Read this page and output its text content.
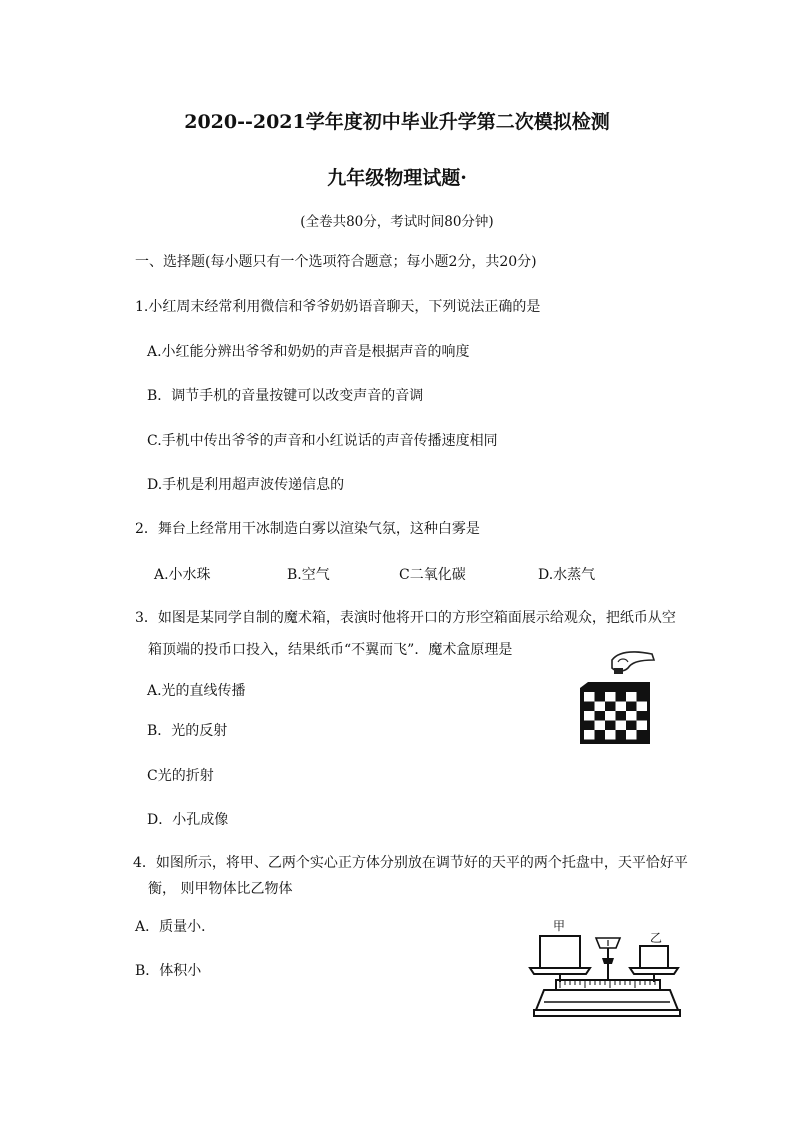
2020--2021学年度初中毕业升学第二次模拟检测
九年级物理试题·
(全卷共80分，考试时间80分钟)
一、选择题(每小题只有一个选项符合题意；每小题2分，共20分)
1.小红周末经常利用微信和爷爷奶奶语音聊天，下列说法正确的是
A.小红能分辨出爷爷和奶奶的声音是根据声音的响度
B．调节手机的音量按键可以改变声音的音调
C.手机中传出爷爷的声音和小红说话的声音传播速度相同
D.手机是利用超声波传递信息的
2．舞台上经常用干冰制造白雾以渲染气氛，这种白雾是
A.小水珠	B.空气	C二氧化碳	D.水蒸气
3．如图是某同学自制的魔术箱，表演时他将开口的方形空箱面展示给观众，把纸币从空
箱顶端的投币口投入，结果纸币“不翼而飞”．魔术盒原理是
A.光的直线传播
B．光的反射
C光的折射
D．小孔成像
4．如图所示，将甲、乙两个实心正方体分别放在调节好的天平的两个托盘中，天平恰好平
衡， 则甲物体比乙物体
A．质量小．
B．体积小
甲
乙
